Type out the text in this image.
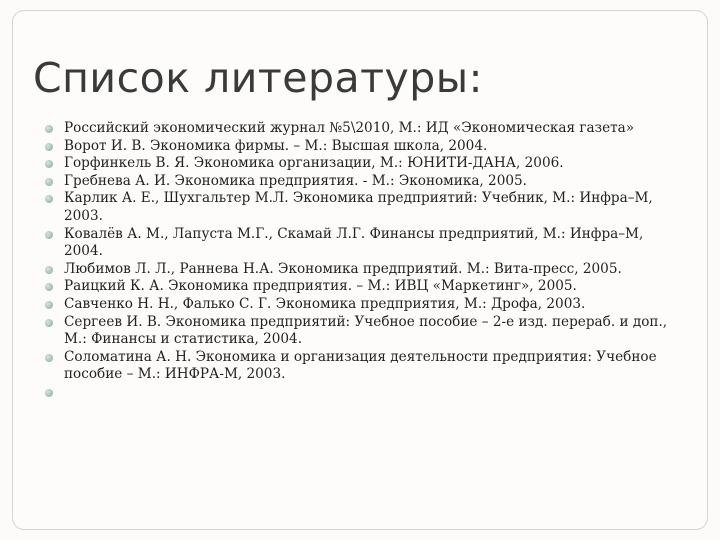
Список литературы:
Российский экономический журнал №5\2010, М.: ИД «Экономическая газета»
Ворот И. В. Экономика фирмы. – М.: Высшая школа, 2004.
Горфинкель В. Я. Экономика организации, М.: ЮНИТИ-ДАНА, 2006.
Гребнева А. И. Экономика предприятия. - М.: Экономика, 2005.
Карлик А. Е., Шухгальтер М.Л. Экономика предприятий: Учебник, М.: Инфра–М, 2003.
Ковалёв А. М., Лапуста М.Г., Скамай Л.Г. Финансы предприятий, М.: Инфра–М, 2004.
Любимов Л. Л., Раннева Н.А. Экономика предприятий. М.: Вита-пресс, 2005.
Раицкий К. А. Экономика предприятия. – М.: ИВЦ «Маркетинг», 2005.
Савченко Н. Н., Фалько С. Г. Экономика предприятия, М.: Дрофа, 2003.
Сергеев И. В. Экономика предприятий: Учебное пособие – 2-е изд. перераб. и доп., М.: Финансы и статистика, 2004.
Соломатина А. Н. Экономика и организация деятельности предприятия: Учебное пособие – М.: ИНФРА-М, 2003.
